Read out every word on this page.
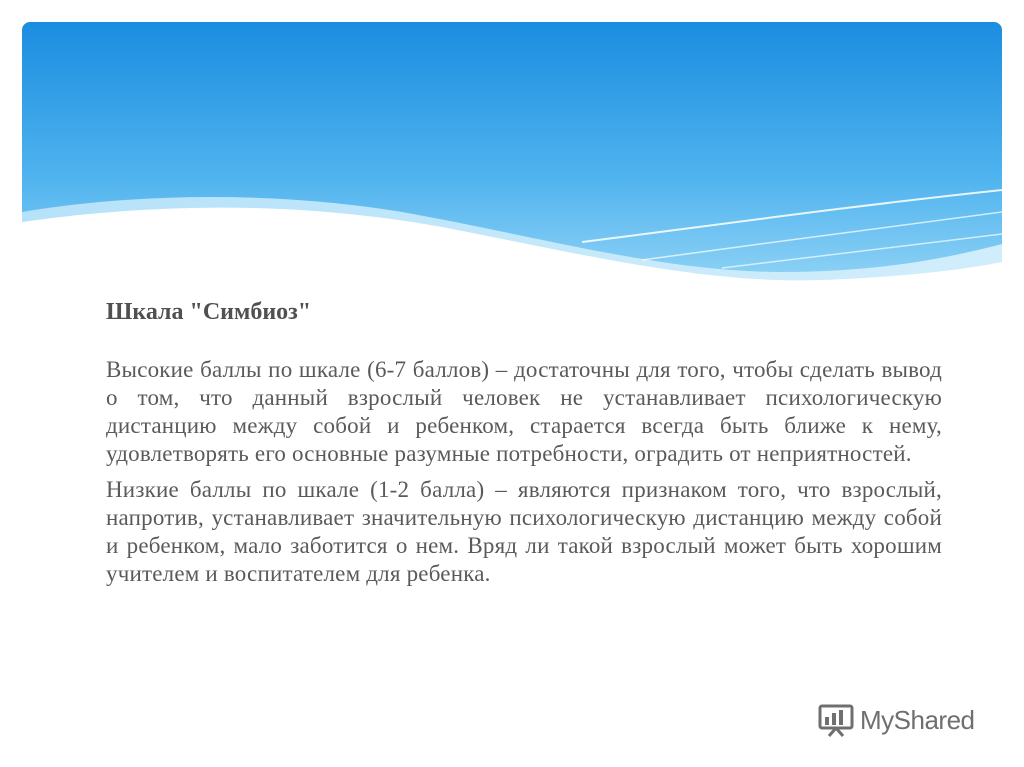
Шкала "Симбиоз"

Высокие баллы по шкале (6-7 баллов) – достаточны для того, чтобы сделать вывод о том, что данный взрослый человек не устанавливает психологическую дистанцию между собой и ребенком, старается всегда быть ближе к нему, удовлетворять его основные разумные потребности, оградить от неприятностей.

Низкие баллы по шкале (1-2 балла) – являются признаком того, что взрослый, напротив, устанавливает значительную психологическую дистанцию между собой и ребенком, мало заботится о нем. Вряд ли такой взрослый может быть хорошим учителем и воспитателем для ребенка.

MyShared
